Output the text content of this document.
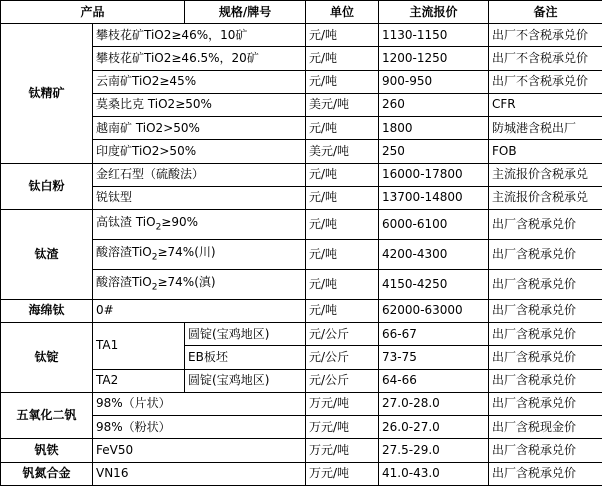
产品		规格/牌号	单位	主流报价	备注
钛精矿	攀枝花矿TiO2≥46%，10矿		元/吨	1130-1150	出厂不含税承兑价
	攀枝花矿TiO2≥46.5%，20矿		元/吨	1200-1250	出厂不含税承兑价
	云南矿TiO2≥45%		元/吨	900-950	出厂不含税承兑价
	莫桑比克 TiO2≥50%		美元/吨	260	CFR
	越南矿 TiO2>50%		元/吨	1800	防城港含税出厂
	印度矿TiO2>50%		美元/吨	250	FOB
钛白粉	金红石型（硫酸法）		元/吨	16000-17800	主流报价含税承兑
	锐钛型		元/吨	13700-14800	主流报价含税承兑
钛渣	高钛渣 TiO$_2$≥90%		元/吨	6000-6100	出厂含税承兑价
	酸溶渣TiO$_2$≥74%(川)		元/吨	4200-4300	出厂含税承兑价
	酸溶渣TiO$_2$≥74%(滇)		元/吨	4150-4250	出厂含税承兑价
海绵钛	0#		元/吨	62000-63000	出厂含税承兑价
钛锭	TA1	圆锭(宝鸡地区)	元/公斤	66-67	出厂含税承兑价
		EB板坯	元/公斤	73-75	出厂含税承兑价
	TA2	圆锭(宝鸡地区)	元/公斤	64-66	出厂含税承兑价
五氧化二钒	98%（片状）		万元/吨	27.0-28.0	出厂含税承兑价
	98%（粉状）		万元/吨	26.0-27.0	出厂含税现金价
钒铁	FeV50		万元/吨	27.5-29.0	出厂含税承兑价
钒氮合金	VN16		万元/吨	41.0-43.0	出厂含税承兑价
